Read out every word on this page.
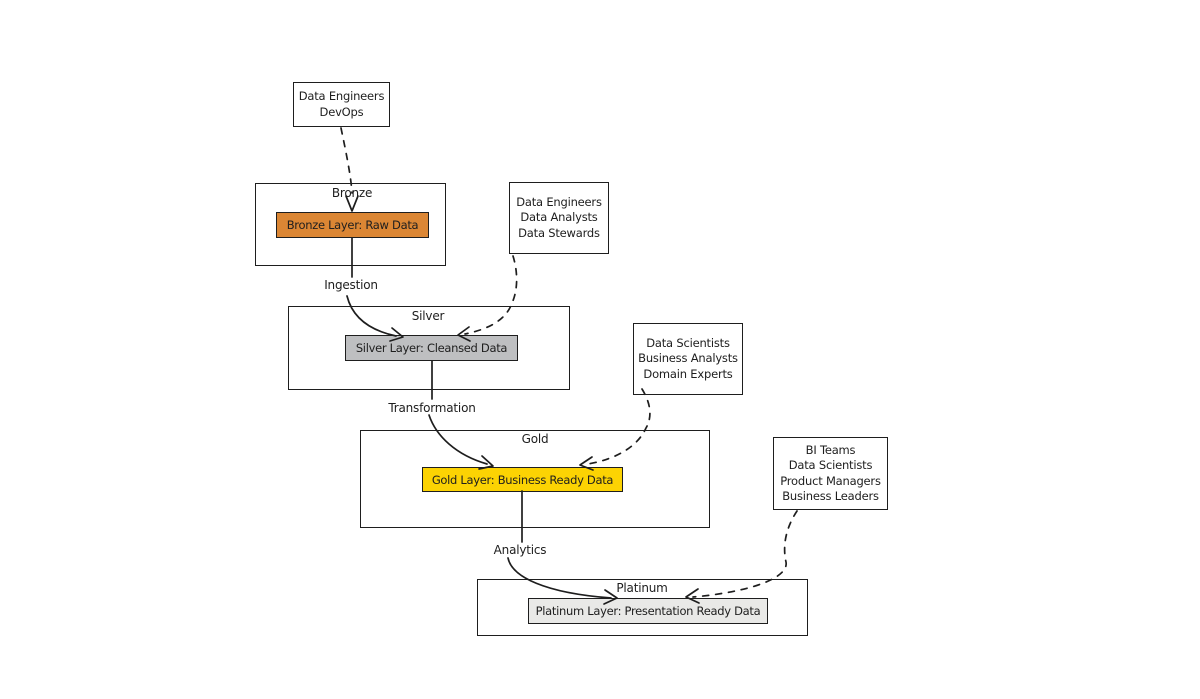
Data Engineers
DevOps
Bronze
Bronze Layer: Raw Data
Data Engineers
Data Analysts
Data Stewards
Ingestion
Silver
Silver Layer: Cleansed Data	Data Scientists
Business Analysts
Domain Experts
Transformation
Gold
Gold Layer: Business Ready Data
BI Teams
Data Scientists
Product Managers
Business Leaders
Analytics
Platinum
Platinum Layer: Presentation Ready Data
